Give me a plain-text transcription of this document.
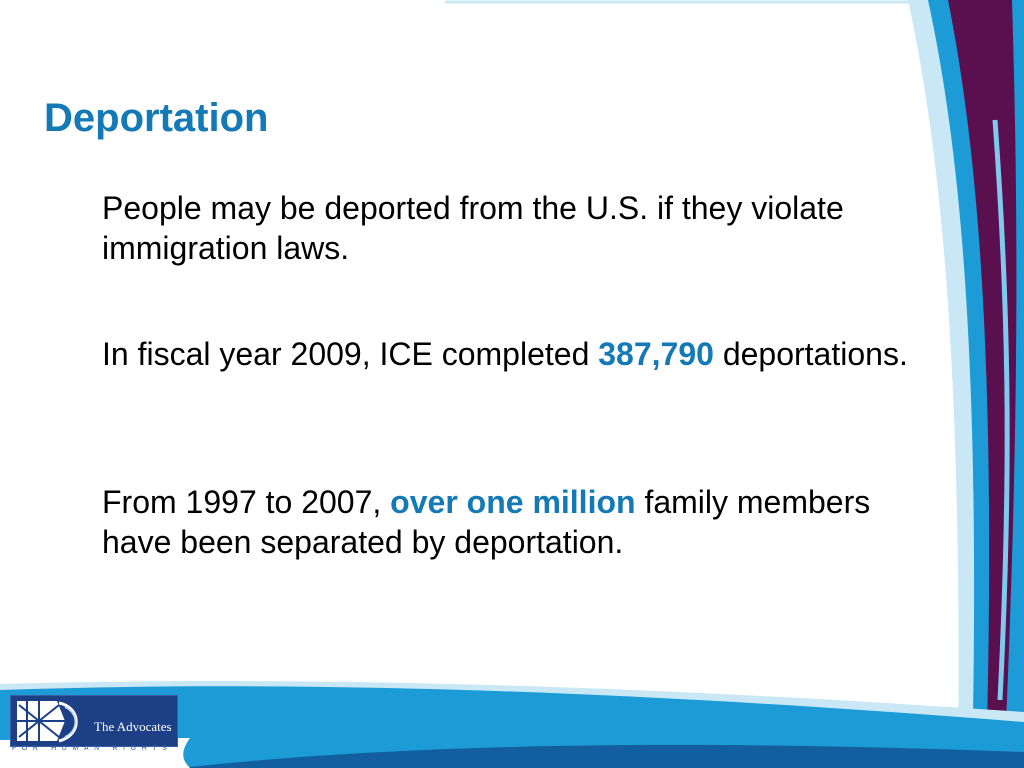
Deportation

People may be deported from the U.S. if they violate immigration laws.

In fiscal year 2009, ICE completed 387,790 deportations.

From 1997 to 2007, over one million family members have been separated by deportation.

The Advocates
FOR HUMAN RIGHTS
